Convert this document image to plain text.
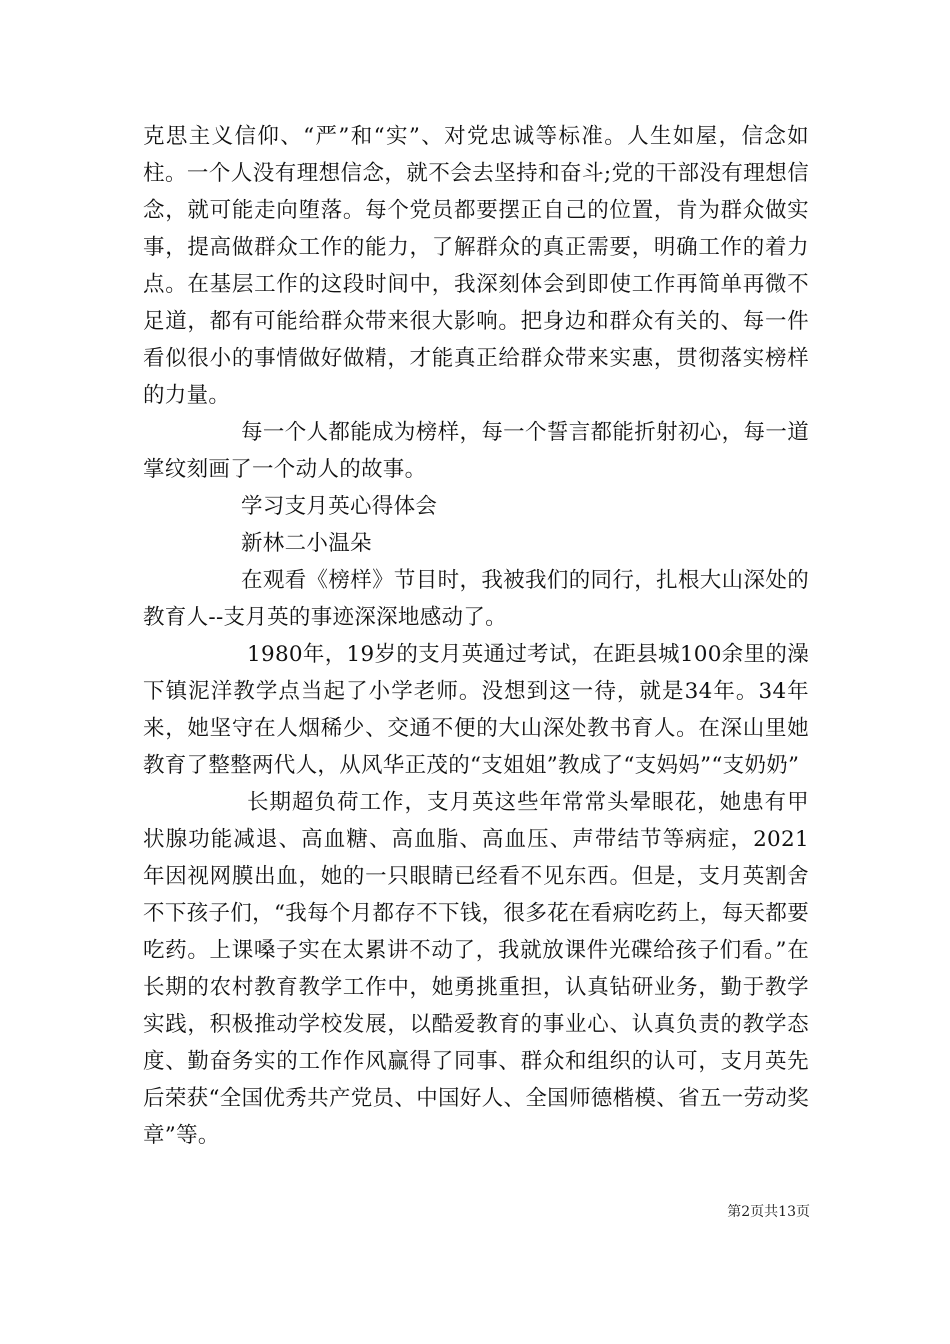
克思主义信仰、“严”和“实”、对党忠诚等标准。人生如屋，信念如柱。一个人没有理想信念，就不会去坚持和奋斗;党的干部没有理想信念，就可能走向堕落。每个党员都要摆正自己的位置，肯为群众做实事，提高做群众工作的能力，了解群众的真正需要，明确工作的着力点。在基层工作的这段时间中，我深刻体会到即使工作再简单再微不足道，都有可能给群众带来很大影响。把身边和群众有关的、每一件看似很小的事情做好做精，才能真正给群众带来实惠，贯彻落实榜样的力量。

每一个人都能成为榜样，每一个誓言都能折射初心，每一道掌纹刻画了一个动人的故事。

学习支月英心得体会

新林二小温朵

在观看《榜样》节目时，我被我们的同行，扎根大山深处的教育人--支月英的事迹深深地感动了。

1980年，19岁的支月英通过考试，在距县城100余里的澡下镇泥洋教学点当起了小学老师。没想到这一待，就是34年。34年来，她坚守在人烟稀少、交通不便的大山深处教书育人。在深山里她教育了整整两代人，从风华正茂的“支姐姐”教成了“支妈妈”“支奶奶”

长期超负荷工作，支月英这些年常常头晕眼花，她患有甲状腺功能减退、高血糖、高血脂、高血压、声带结节等病症，2021年因视网膜出血，她的一只眼睛已经看不见东西。但是，支月英割舍不下孩子们，“我每个月都存不下钱，很多花在看病吃药上，每天都要吃药。上课嗓子实在太累讲不动了，我就放课件光碟给孩子们看。”在长期的农村教育教学工作中，她勇挑重担，认真钻研业务，勤于教学实践，积极推动学校发展，以酷爱教育的事业心、认真负责的教学态度、勤奋务实的工作作风赢得了同事、群众和组织的认可，支月英先后荣获“全国优秀共产党员、中国好人、全国师德楷模、省五一劳动奖章”等。

第2页共13页
